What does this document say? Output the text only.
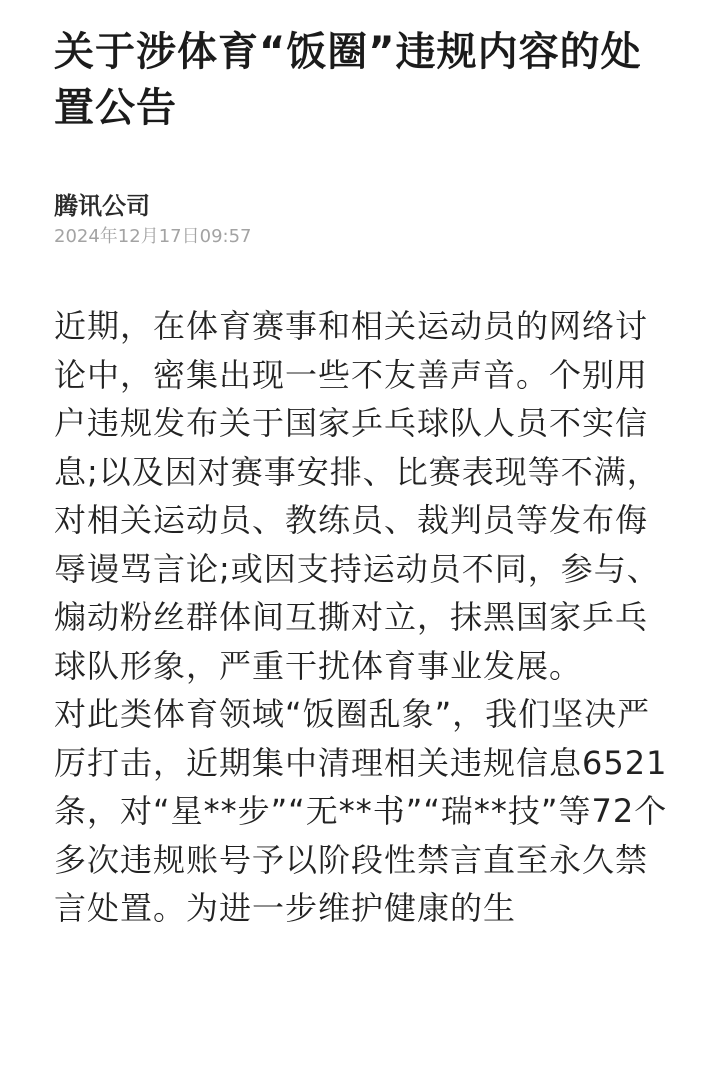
关于涉体育“饭圈”违规内容的处置公告
腾讯公司
2024年12月17日09:57

近期，在体育赛事和相关运动员的网络讨论中，密集出现一些不友善声音。个别用户违规发布关于国家乒乓球队人员不实信息;以及因对赛事安排、比赛表现等不满，对相关运动员、教练员、裁判员等发布侮辱谩骂言论;或因支持运动员不同，参与、煽动粉丝群体间互撕对立，抹黑国家乒乓球队形象，严重干扰体育事业发展。

对此类体育领域“饭圈乱象”，我们坚决严厉打击，近期集中清理相关违规信息6521条，对“星**步”“无**书”“瑞**技”等72个多次违规账号予以阶段性禁言直至永久禁言处置。为进一步维护健康的生
